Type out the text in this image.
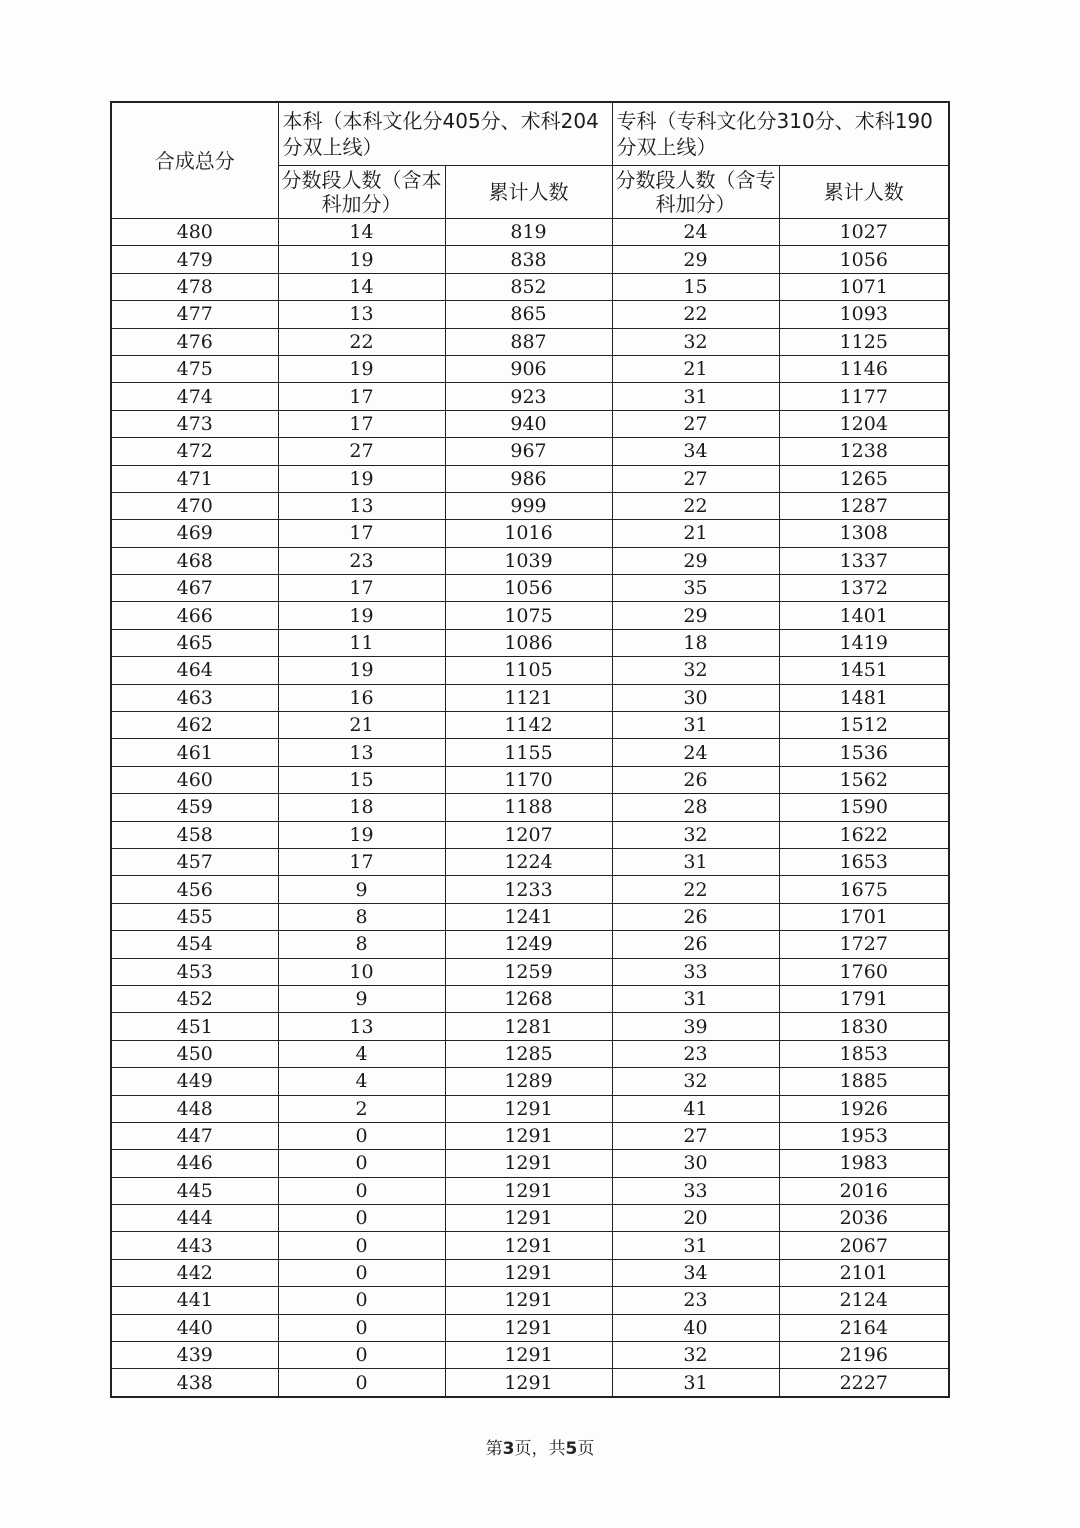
合成总分	本科（本科文化分405分、术科204分双上线）		专科（专科文化分310分、术科190分双上线）	
	分数段人数（含本科加分）	累计人数	分数段人数（含专科加分）	累计人数
480	14	819	24	1027
479	19	838	29	1056
478	14	852	15	1071
477	13	865	22	1093
476	22	887	32	1125
475	19	906	21	1146
474	17	923	31	1177
473	17	940	27	1204
472	27	967	34	1238
471	19	986	27	1265
470	13	999	22	1287
469	17	1016	21	1308
468	23	1039	29	1337
467	17	1056	35	1372
466	19	1075	29	1401
465	11	1086	18	1419
464	19	1105	32	1451
463	16	1121	30	1481
462	21	1142	31	1512
461	13	1155	24	1536
460	15	1170	26	1562
459	18	1188	28	1590
458	19	1207	32	1622
457	17	1224	31	1653
456	9	1233	22	1675
455	8	1241	26	1701
454	8	1249	26	1727
453	10	1259	33	1760
452	9	1268	31	1791
451	13	1281	39	1830
450	4	1285	23	1853
449	4	1289	32	1885
448	2	1291	41	1926
447	0	1291	27	1953
446	0	1291	30	1983
445	0	1291	33	2016
444	0	1291	20	2036
443	0	1291	31	2067
442	0	1291	34	2101
441	0	1291	23	2124
440	0	1291	40	2164
439	0	1291	32	2196
438	0	1291	31	2227
第3页，共5页
